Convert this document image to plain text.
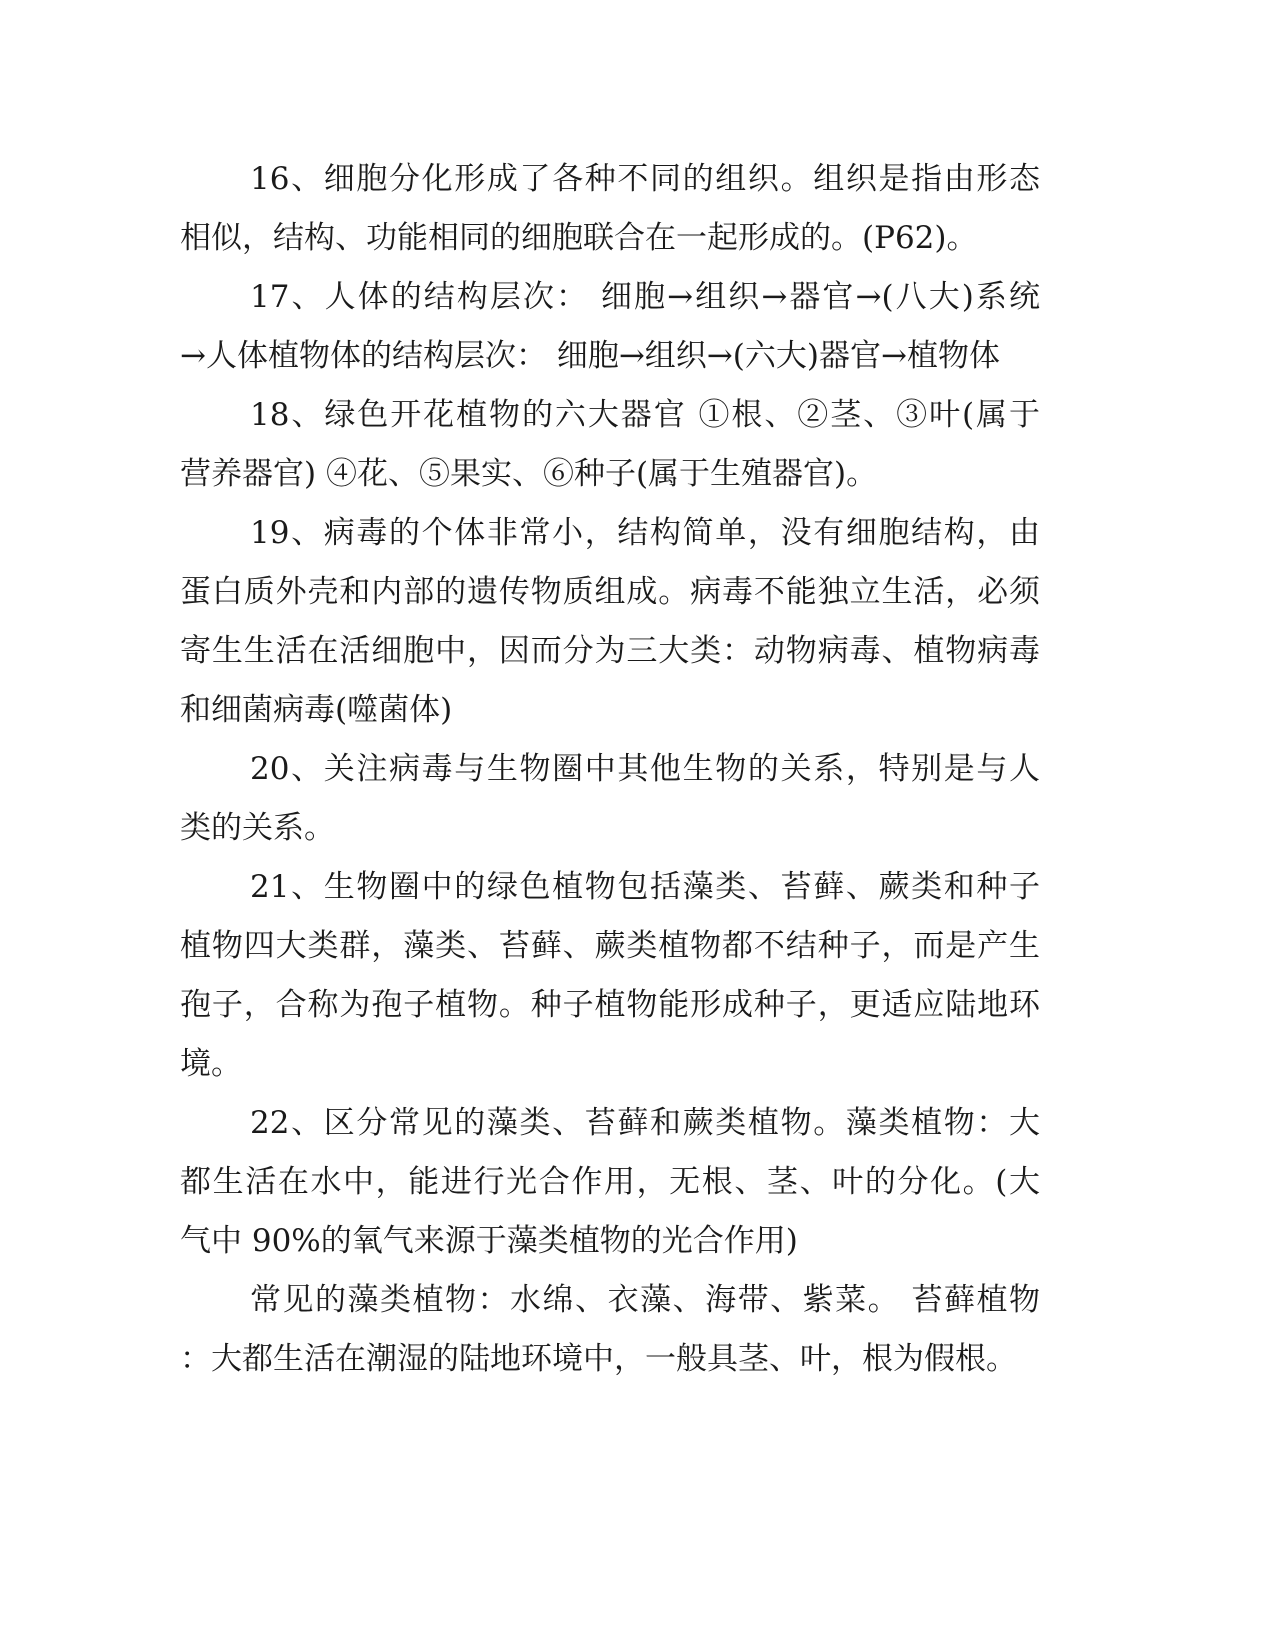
16、细胞分化形成了各种不同的组织。组织是指由形态
相似，结构、功能相同的细胞联合在一起形成的。(P62)。
17、人体的结构层次： 细胞→组织→器官→(八大)系统
→人体植物体的结构层次： 细胞→组织→(六大)器官→植物体
18、绿色开花植物的六大器官 ①根、②茎、③叶(属于
营养器官) ④花、⑤果实、⑥种子(属于生殖器官)。
19、病毒的个体非常小，结构简单，没有细胞结构，由
蛋白质外壳和内部的遗传物质组成。病毒不能独立生活，必须
寄生生活在活细胞中，因而分为三大类：动物病毒、植物病毒
和细菌病毒(噬菌体)
20、关注病毒与生物圈中其他生物的关系，特别是与人
类的关系。
21、生物圈中的绿色植物包括藻类、苔藓、蕨类和种子
植物四大类群，藻类、苔藓、蕨类植物都不结种子，而是产生
孢子，合称为孢子植物。种子植物能形成种子，更适应陆地环
境。
22、区分常见的藻类、苔藓和蕨类植物。藻类植物：大
都生活在水中，能进行光合作用，无根、茎、叶的分化。(大
气中 90%的氧气来源于藻类植物的光合作用)
常见的藻类植物：水绵、衣藻、海带、紫菜。 苔藓植物
：大都生活在潮湿的陆地环境中，一般具茎、叶，根为假根。
